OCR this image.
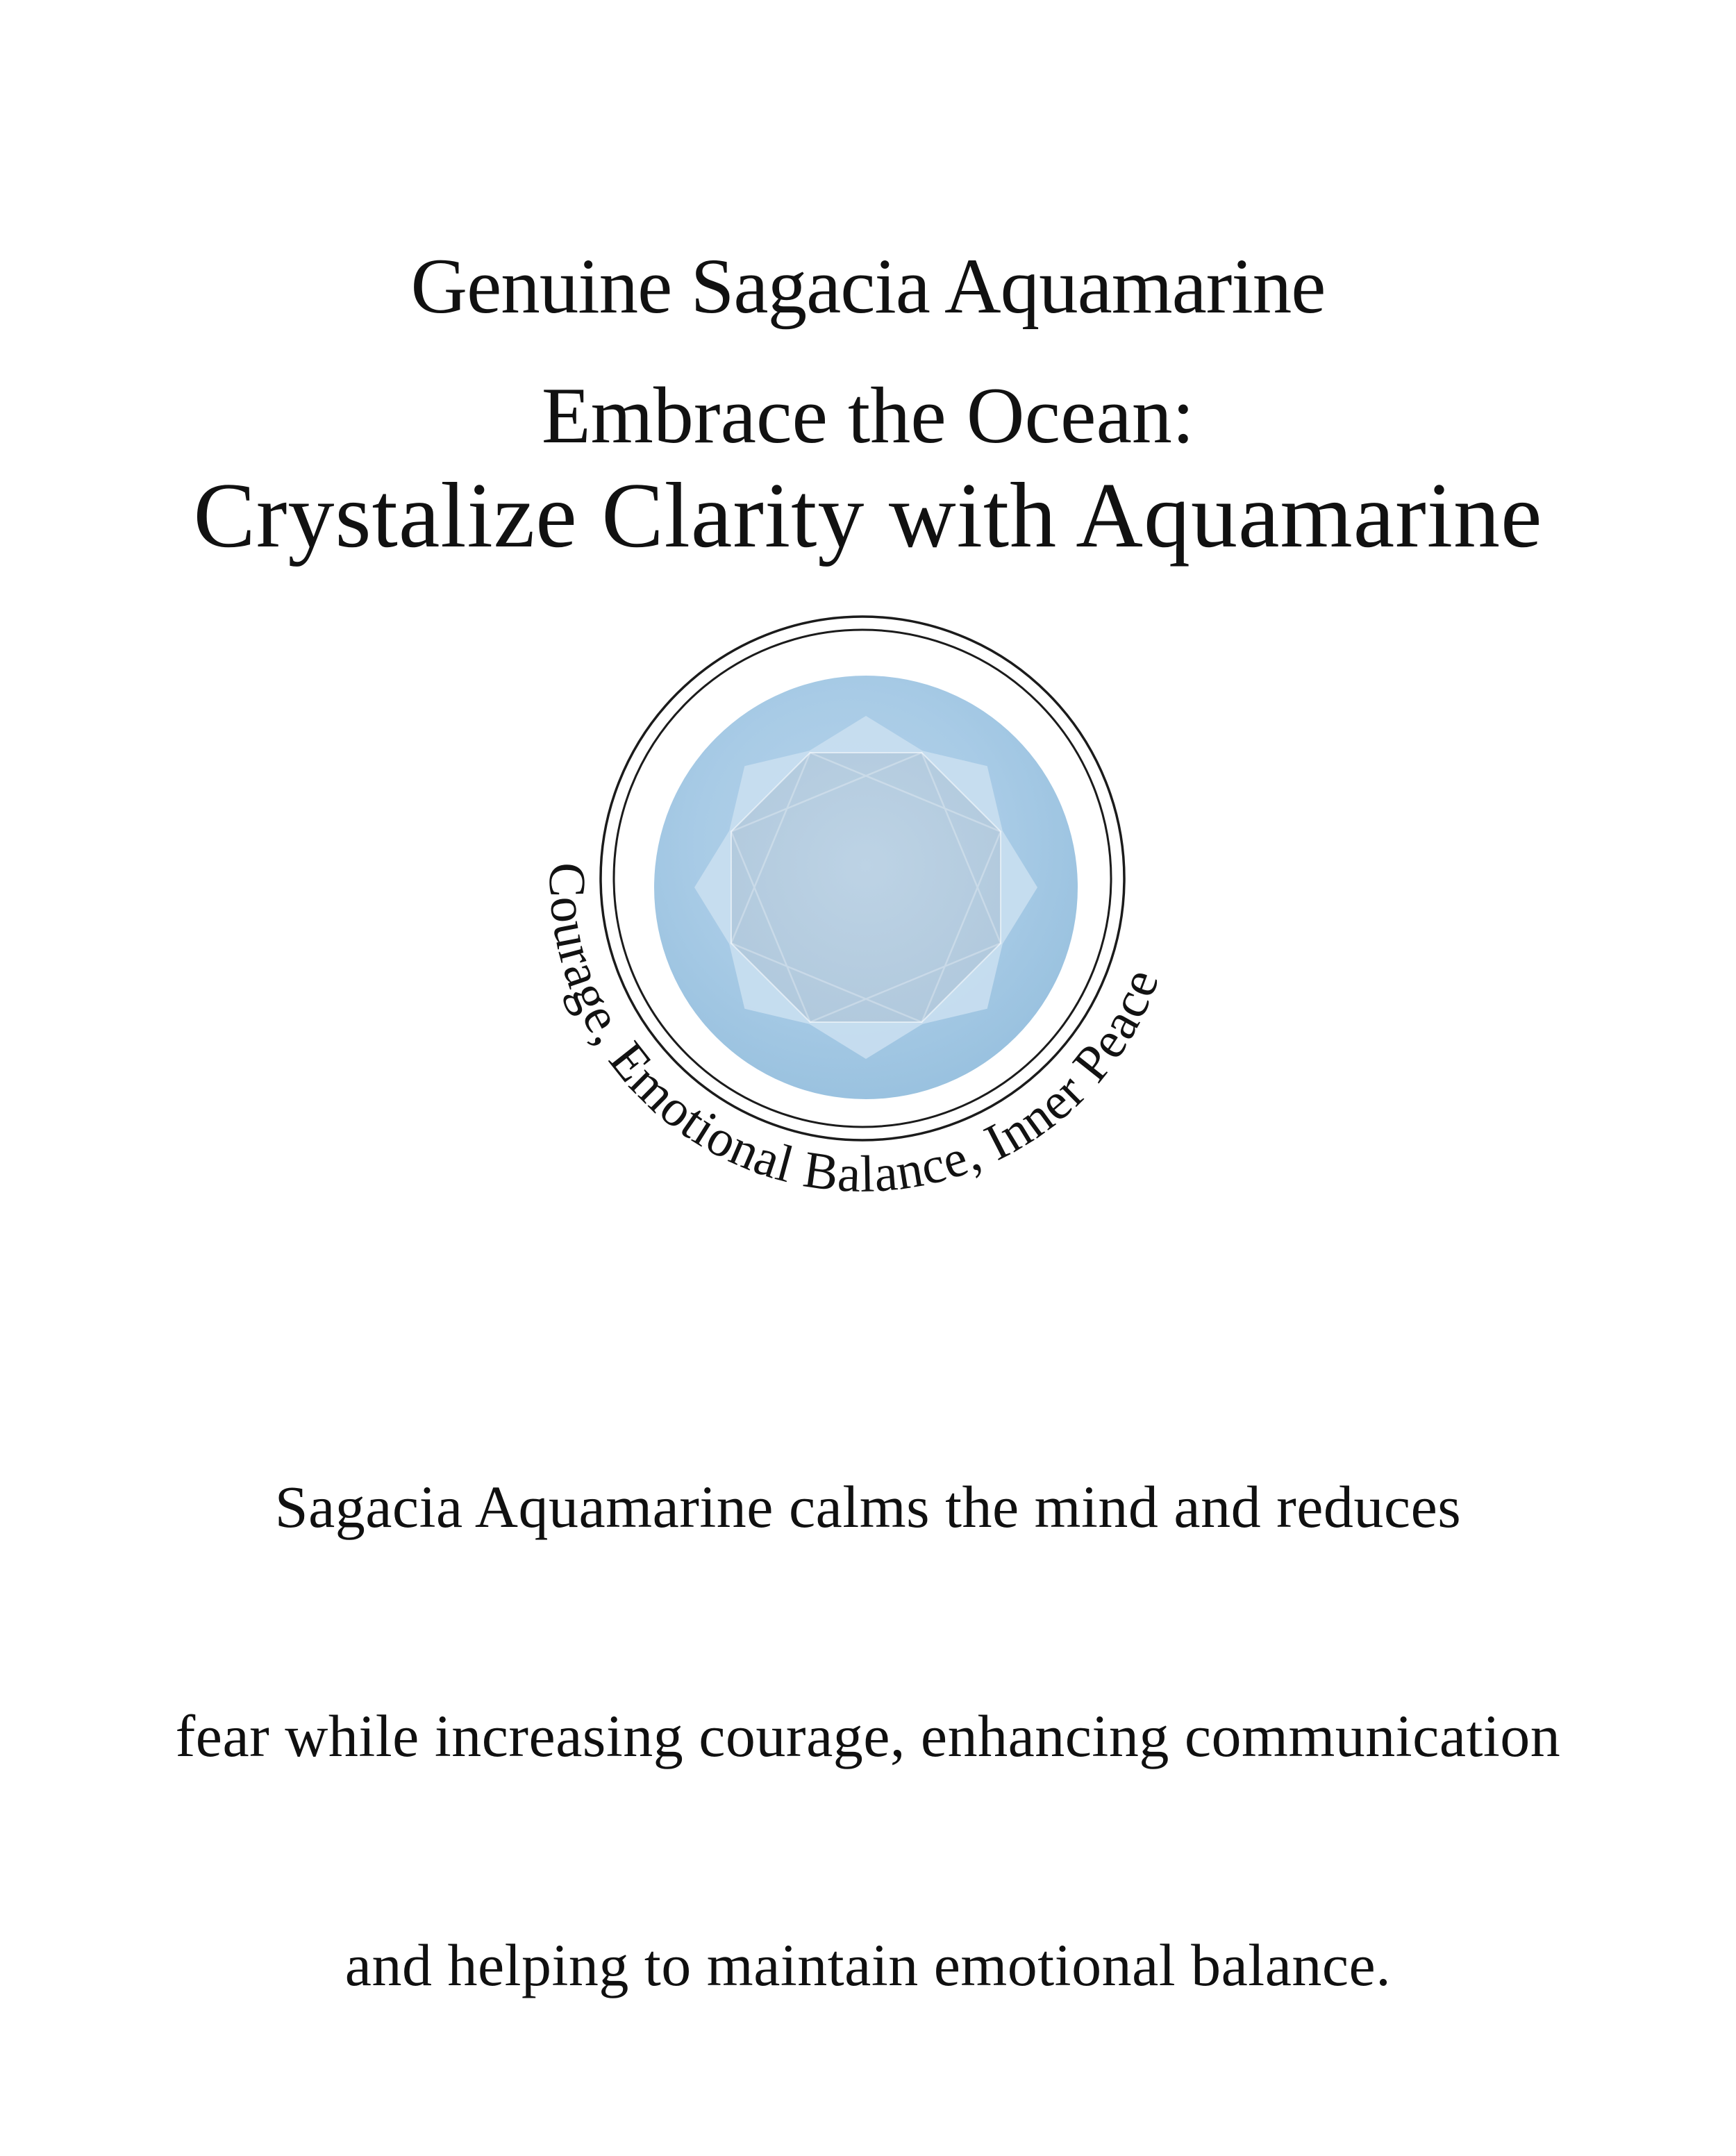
Genuine Sagacia Aquamarine
Embrace the Ocean:
Crystalize Clarity with Aquamarine
Courage, Emotional Balance, Inner Peace

Sagacia Aquamarine calms the mind and reduces

fear while increasing courage, enhancing communication

and helping to maintain emotional balance.
